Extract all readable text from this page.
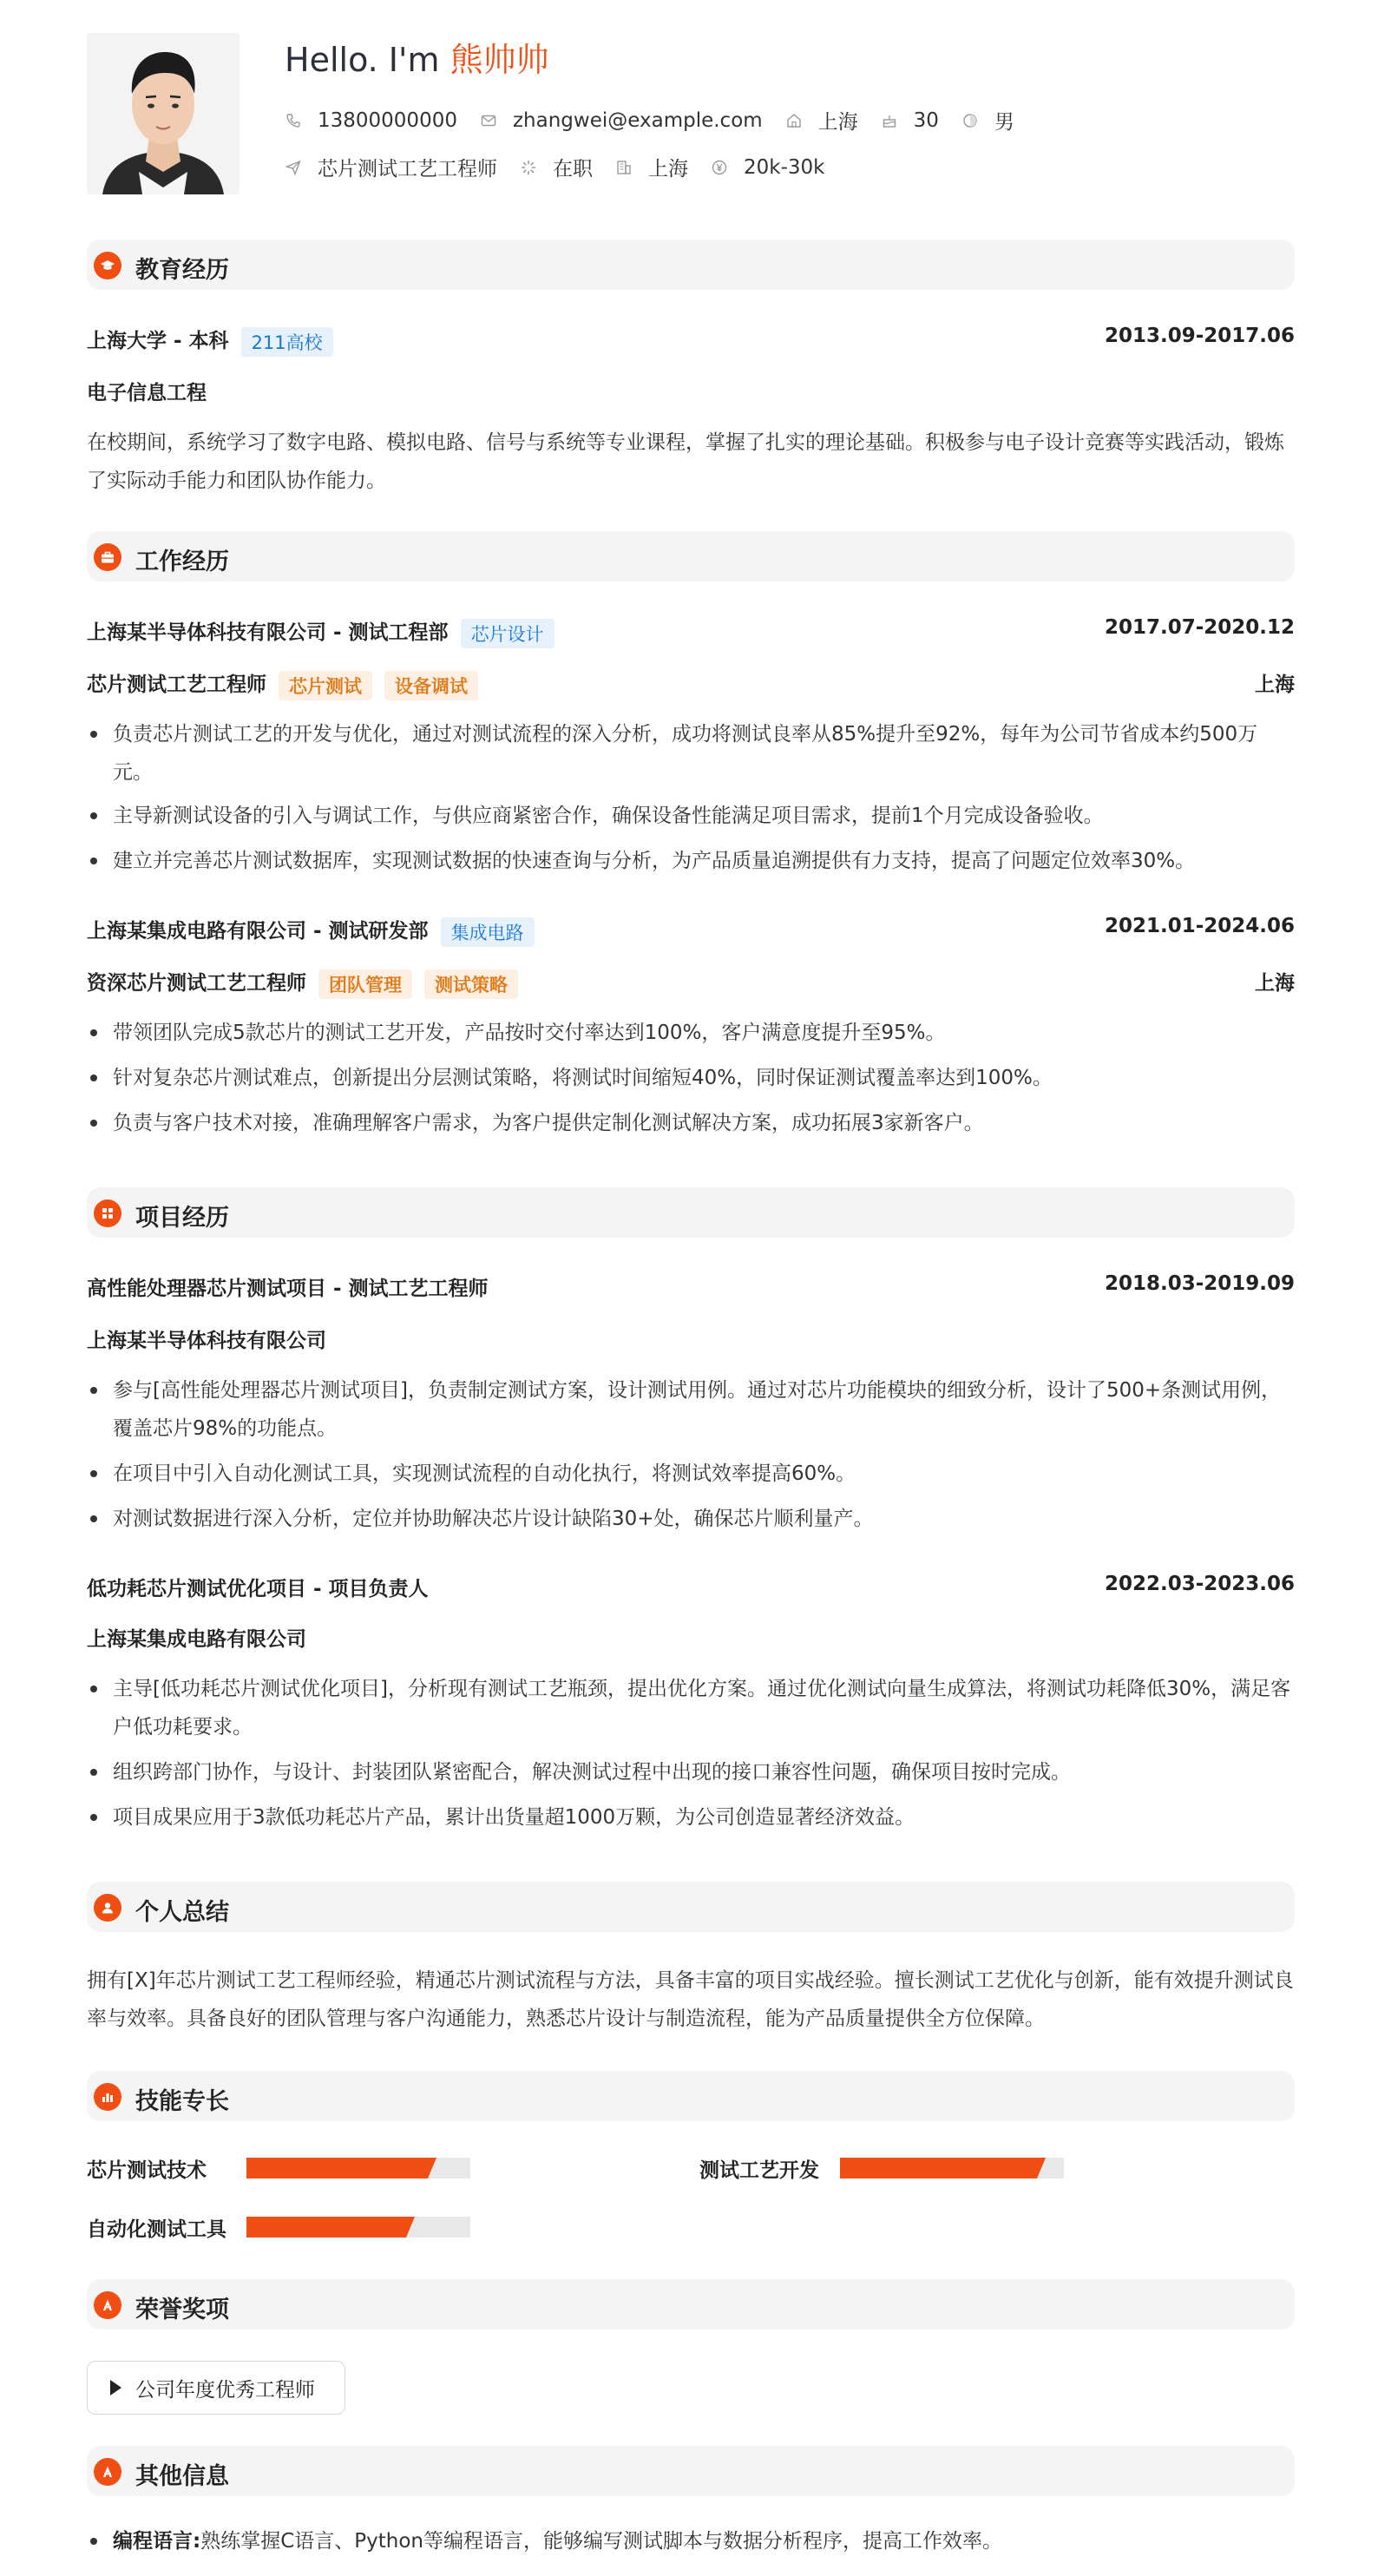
Hello. I'm 熊帅帅
13800000000	zhangwei@example.com	上海	30	男
芯片测试工艺工程师	在职	上海	20k-30k
教育经历
上海大学 - 本科 211高校	2013.09-2017.06
电子信息工程
在校期间，系统学习了数字电路、模拟电路、信号与系统等专业课程，掌握了扎实的理论基础。积极参与电子设计竞赛等实践活动，锻炼了实际动手能力和团队协作能力。
工作经历
上海某半导体科技有限公司 - 测试工程部 芯片设计	2017.07-2020.12
芯片测试工艺工程师 芯片测试 设备调试	上海
负责芯片测试工艺的开发与优化，通过对测试流程的深入分析，成功将测试良率从85%提升至92%，每年为公司节省成本约500万元。
主导新测试设备的引入与调试工作，与供应商紧密合作，确保设备性能满足项目需求，提前1个月完成设备验收。
建立并完善芯片测试数据库，实现测试数据的快速查询与分析，为产品质量追溯提供有力支持，提高了问题定位效率30%。
上海某集成电路有限公司 - 测试研发部 集成电路	2021.01-2024.06
资深芯片测试工艺工程师 团队管理 测试策略	上海
带领团队完成5款芯片的测试工艺开发，产品按时交付率达到100%，客户满意度提升至95%。
针对复杂芯片测试难点，创新提出分层测试策略，将测试时间缩短40%，同时保证测试覆盖率达到100%。
负责与客户技术对接，准确理解客户需求，为客户提供定制化测试解决方案，成功拓展3家新客户。
项目经历
高性能处理器芯片测试项目 - 测试工艺工程师	2018.03-2019.09
上海某半导体科技有限公司
参与[高性能处理器芯片测试项目]，负责制定测试方案，设计测试用例。通过对芯片功能模块的细致分析，设计了500+条测试用例，覆盖芯片98%的功能点。
在项目中引入自动化测试工具，实现测试流程的自动化执行，将测试效率提高60%。
对测试数据进行深入分析，定位并协助解决芯片设计缺陷30+处，确保芯片顺利量产。
低功耗芯片测试优化项目 - 项目负责人	2022.03-2023.06
上海某集成电路有限公司
主导[低功耗芯片测试优化项目]，分析现有测试工艺瓶颈，提出优化方案。通过优化测试向量生成算法，将测试功耗降低30%，满足客户低功耗要求。
组织跨部门协作，与设计、封装团队紧密配合，解决测试过程中出现的接口兼容性问题，确保项目按时完成。
项目成果应用于3款低功耗芯片产品，累计出货量超1000万颗，为公司创造显著经济效益。
个人总结
拥有[X]年芯片测试工艺工程师经验，精通芯片测试流程与方法，具备丰富的项目实战经验。擅长测试工艺优化与创新，能有效提升测试良率与效率。具备良好的团队管理与客户沟通能力，熟悉芯片设计与制造流程，能为产品质量提供全方位保障。
技能专长
芯片测试技术	测试工艺开发
自动化测试工具
荣誉奖项
公司年度优秀工程师
其他信息
编程语言:熟练掌握C语言、Python等编程语言，能够编写测试脚本与数据分析程序，提高工作效率。
